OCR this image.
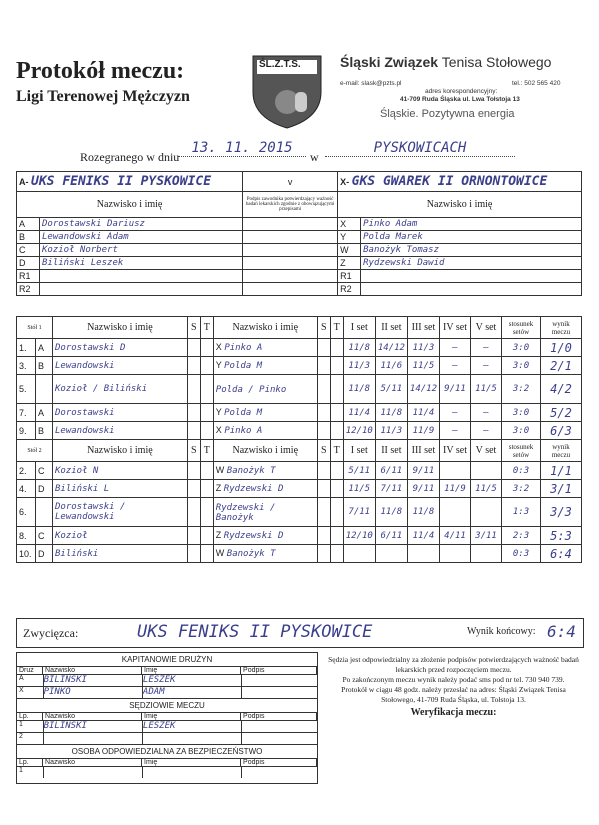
Protokół meczu:
Ligi Terenowej Mężczyzn
ŚL.Z.T.S.	Śląski Związek Tenisa Stołowego
e-mail: slask@pzts.pl	tel.: 502 565 420
adres korespondencyjny:
41-709 Ruda Śląska ul. Lwa Tołstoja 13
Śląskie. Pozytywna energia
Rozegranego w dniu
13. 11. 2015
w
PYSKOWICACH
A- UKS FENIKS II PYSKOWICE		v	X- GKS GWAREK II ORNONTOWICE	
Nazwisko i imię		Podpis zawodnika potwierdzający ważność badań lekarskich zgodnie z obowiązującymi przepisami	Nazwisko i imię	
A	Dorostawski Dariusz		X	Pinko Adam
B	Lewandowski Adam		Y	Polda Marek
C	Kozioł Norbert		W	Banożyk Tomasz
D	Biliński Leszek		Z	Rydzewski Dawid
R1			R1	
R2			R2	
Stół 1		Nazwisko i imię	S	T	Nazwisko i imię	S	T	I set	II set	III set	IV set	V set	stosunek setów	wynik meczu
1.	A	Dorostawski D			X Pinko A			11/8	14/12	11/3	–	–	3:0	1/0
3.	B	Lewandowski			Y Polda M			11/3	11/6	11/5	–	–	3:0	2/1
5.		Kozioł / Biliński			Polda / Pinko			11/8	5/11	14/12	9/11	11/5	3:2	4/2
7.	A	Dorostawski			Y Polda M			11/4	11/8	11/4	–	–	3:0	5/2
9.	B	Lewandowski			X Pinko A			12/10	11/3	11/9	–	–	3:0	6/3
Stół 2		Nazwisko i imię	S	T	Nazwisko i imię	S	T	I set	II set	III set	IV set	V set	stosunek setów	wynik meczu
2.	C	Kozioł N			W Banożyk T			5/11	6/11	9/11			0:3	1/1
4.	D	Biliński L			Z Rydzewski D			11/5	7/11	9/11	11/9	11/5	3:2	3/1
6.		Dorostawski / Lewandowski			Rydzewski / Banożyk			7/11	11/8	11/8			1:3	3/3
8.	C	Kozioł			Z Rydzewski D			12/10	6/11	11/4	4/11	3/11	2:3	5:3
10.	D	Biliński			W Banożyk T								0:3	6:4
Zwycięzca:	UKS FENIKS II PYSKOWICE	Wynik końcowy: 6:4
KAPITANOWIE DRUŻYN
Druż	Nazwisko	Imię	Podpis
A	BILIŃSKI	LESZEK
X	PINKO	ADAM
SĘDZIOWIE MECZU
Lp.	Nazwisko	Imię	Podpis
1	BILIŃSKI	LESZEK
2
OSOBA ODPOWIEDZIALNA ZA BEZPIECZEŃSTWO
Lp.	Nazwisko	Imię	Podpis
1
Sędzia jest odpowiedzialny za złożenie podpisów potwierdzających ważność badań lekarskich przed rozpoczęciem meczu.
Po zakończonym meczu wynik należy podać sms pod nr tel. 730 940 739.
Protokół w ciągu 48 godz. należy przesłać na adres: Śląski Związek Tenisa Stołowego, 41-709 Ruda Śląska, ul. Tołstoja 13.
Weryfikacja meczu:
